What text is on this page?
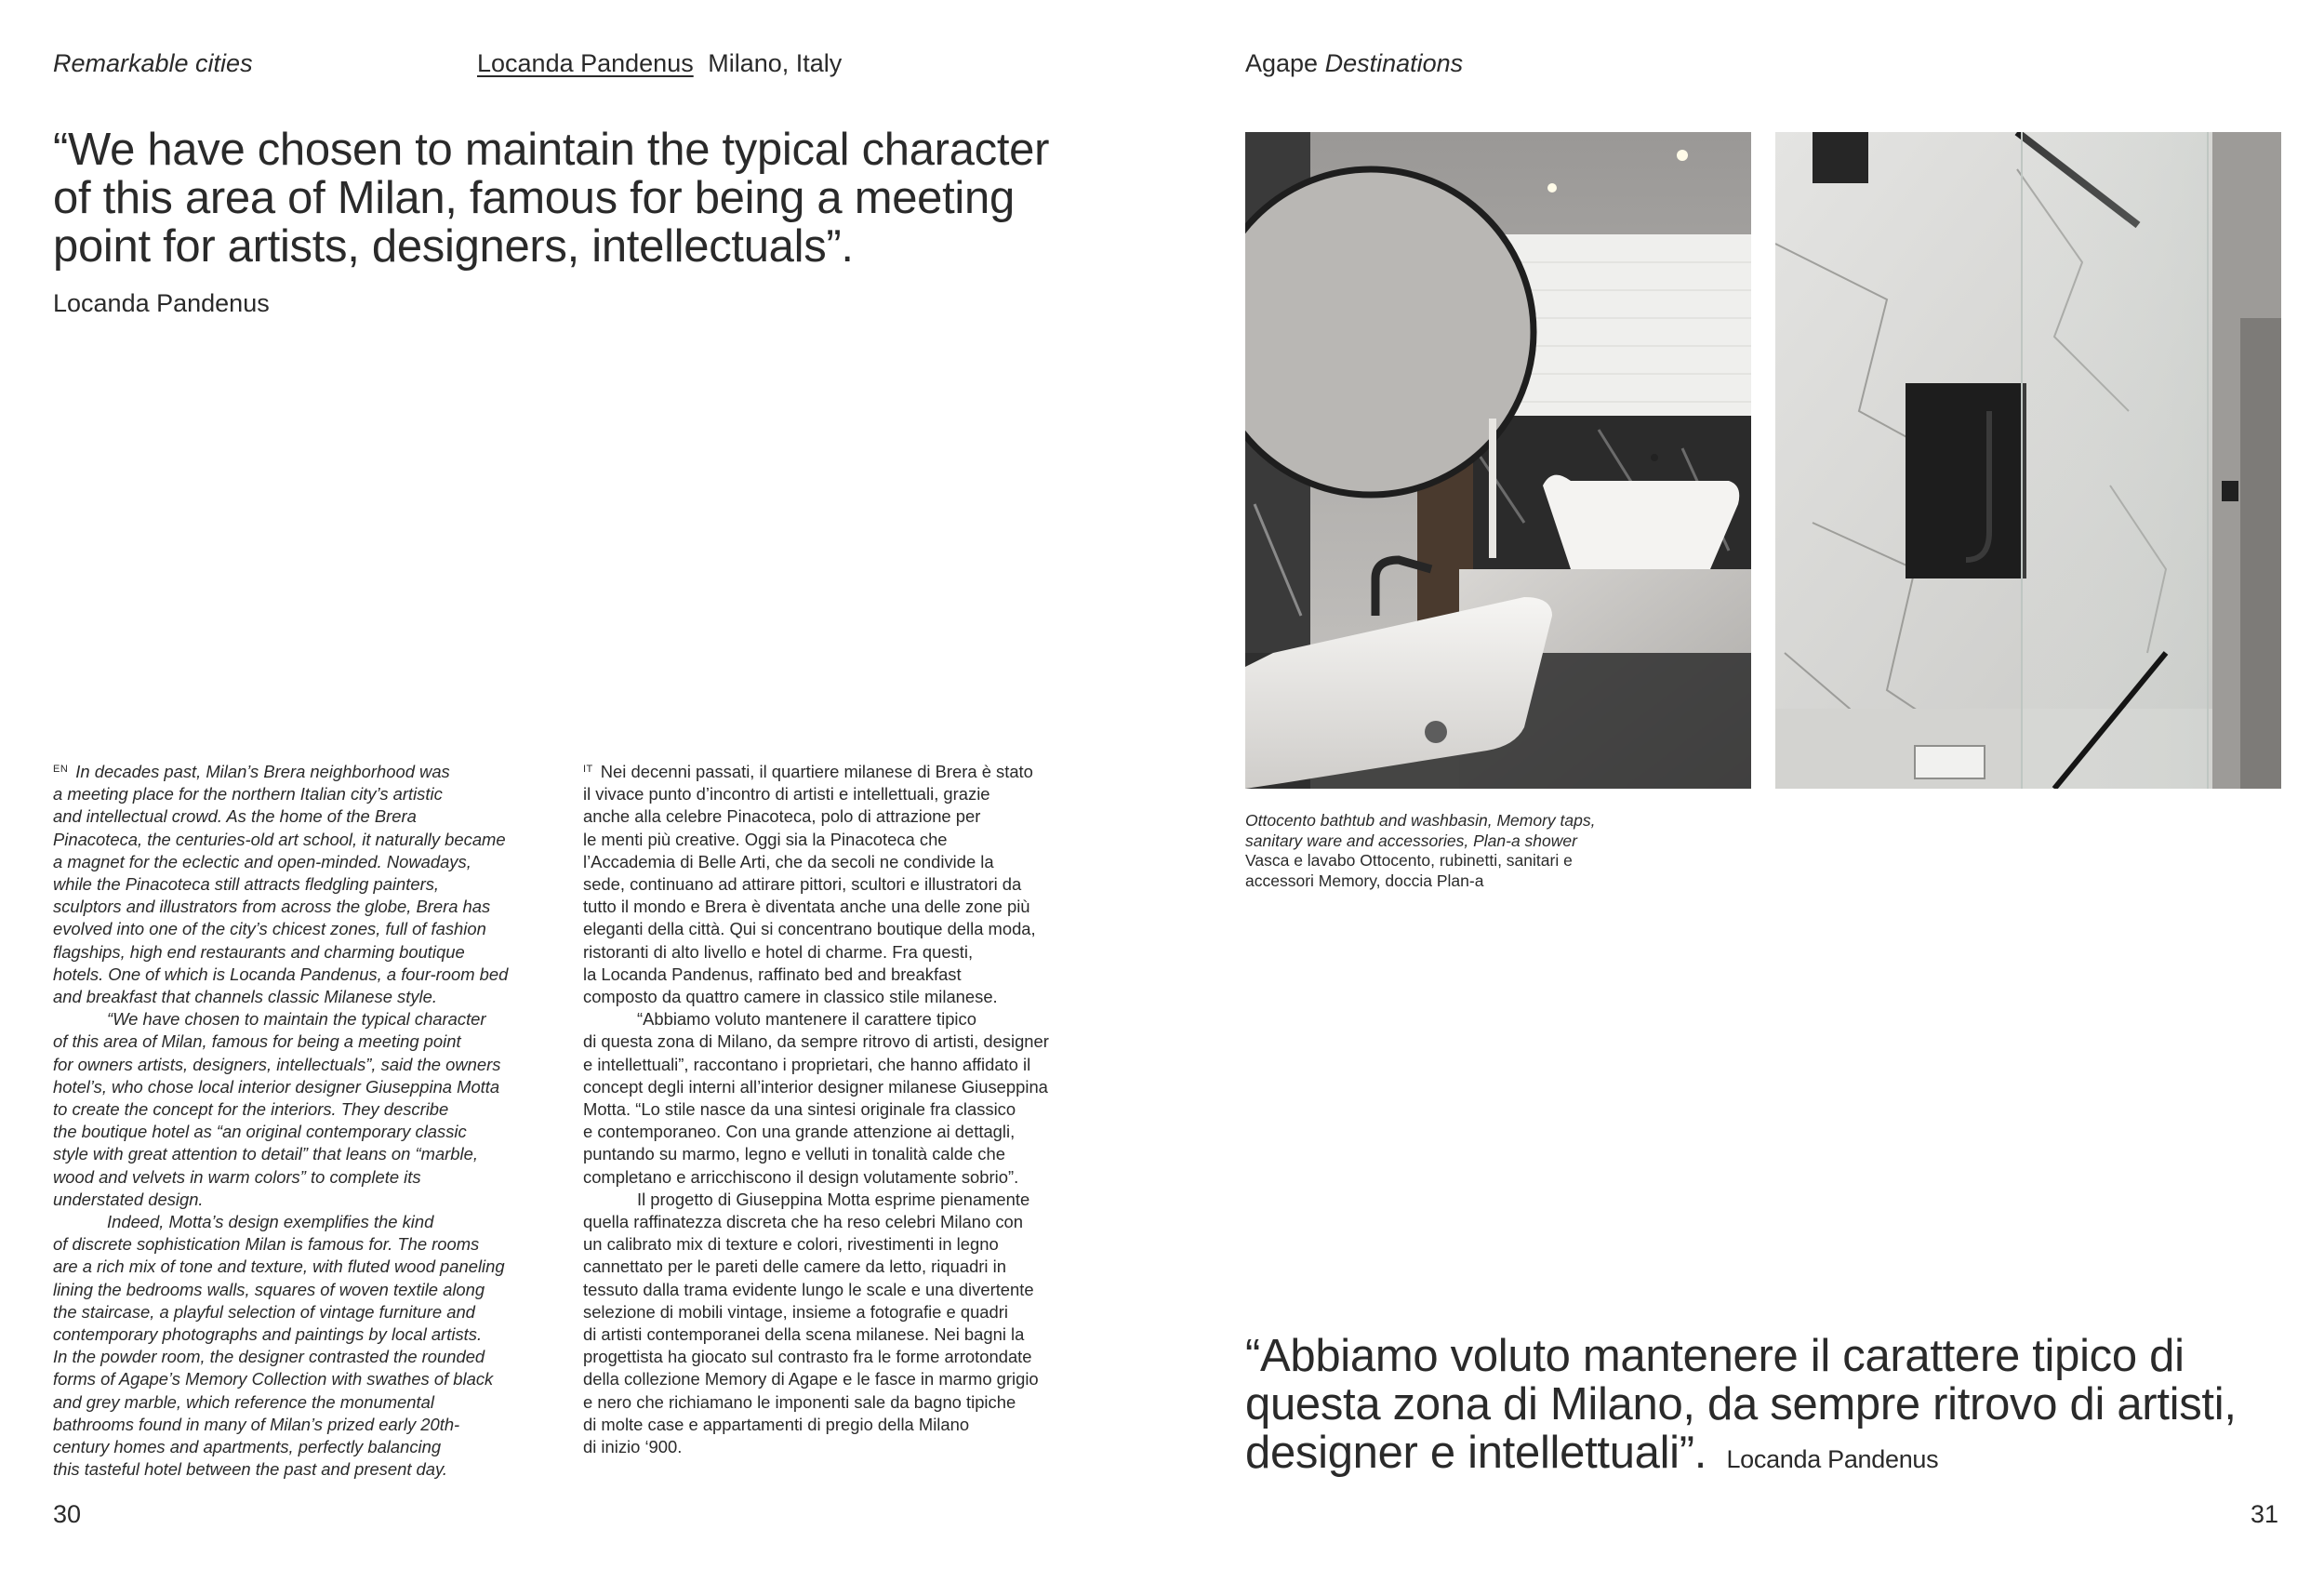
Remarkable cities	Locanda Pandenus Milano, Italy	Agape Destinations
“We have chosen to maintain the typical character of this area of Milan, famous for being a meeting point for artists, designers, intellectuals”.
Locanda Pandenus
$^{EN}$ In decades past, Milan’s Brera neighborhood was
a meeting place for the northern Italian city’s artistic
and intellectual crowd. As the home of the Brera
Pinacoteca, the centuries-old art school, it naturally became
a magnet for the eclectic and open-minded. Nowadays,
while the Pinacoteca still attracts fledgling painters,
sculptors and illustrators from across the globe, Brera has
evolved into one of the city’s chicest zones, full of fashion
flagships, high end restaurants and charming boutique
hotels. One of which is Locanda Pandenus, a four-room bed
and breakfast that channels classic Milanese style.
“We have chosen to maintain the typical character
of this area of Milan, famous for being a meeting point
for owners artists, designers, intellectuals”, said the owners
hotel’s, who chose local interior designer Giuseppina Motta
to create the concept for the interiors. They describe
the boutique hotel as “an original contemporary classic
style with great attention to detail” that leans on “marble,
wood and velvets in warm colors” to complete its
understated design.
Indeed, Motta’s design exemplifies the kind
of discrete sophistication Milan is famous for. The rooms
are a rich mix of tone and texture, with fluted wood paneling
lining the bedrooms walls, squares of woven textile along
the staircase, a playful selection of vintage furniture and
contemporary photographs and paintings by local artists.
In the powder room, the designer contrasted the rounded
forms of Agape’s Memory Collection with swathes of black
and grey marble, which reference the monumental
bathrooms found in many of Milan’s prized early 20th-
century homes and apartments, perfectly balancing
this tasteful hotel between the past and present day.
$^{IT}$ Nei decenni passati, il quartiere milanese di Brera è stato
il vivace punto d’incontro di artisti e intellettuali, grazie
anche alla celebre Pinacoteca, polo di attrazione per
le menti più creative. Oggi sia la Pinacoteca che
l’Accademia di Belle Arti, che da secoli ne condivide la
sede, continuano ad attirare pittori, scultori e illustratori da
tutto il mondo e Brera è diventata anche una delle zone più
eleganti della città. Qui si concentrano boutique della moda,
ristoranti di alto livello e hotel di charme. Fra questi,
la Locanda Pandenus, raffinato bed and breakfast
composto da quattro camere in classico stile milanese.
“Abbiamo voluto mantenere il carattere tipico
di questa zona di Milano, da sempre ritrovo di artisti, designer
e intellettuali”, raccontano i proprietari, che hanno affidato il
concept degli interni all’interior designer milanese Giuseppina
Motta. “Lo stile nasce da una sintesi originale fra classico
e contemporaneo. Con una grande attenzione ai dettagli,
puntando su marmo, legno e velluti in tonalità calde che
completano e arricchiscono il design volutamente sobrio”.
Il progetto di Giuseppina Motta esprime pienamente
quella raffinatezza discreta che ha reso celebri Milano con
un calibrato mix di texture e colori, rivestimenti in legno
cannettato per le pareti delle camere da letto, riquadri in
tessuto dalla trama evidente lungo le scale e una divertente
selezione di mobili vintage, insieme a fotografie e quadri
di artisti contemporanei della scena milanese. Nei bagni la
progettista ha giocato sul contrasto fra le forme arrotondate
della collezione Memory di Agape e le fasce in marmo grigio
e nero che richiamano le imponenti sale da bagno tipiche
di molte case e appartamenti di pregio della Milano
di inizio ‘900.
Ottocento bathtub and washbasin, Memory taps,
sanitary ware and accessories, Plan-a shower
Vasca e lavabo Ottocento, rubinetti, sanitari e
accessori Memory, doccia Plan-a
“Abbiamo voluto mantenere il carattere tipico di
questa zona di Milano, da sempre ritrovo di artisti,
designer e intellettuali”. Locanda Pandenus
30	31
